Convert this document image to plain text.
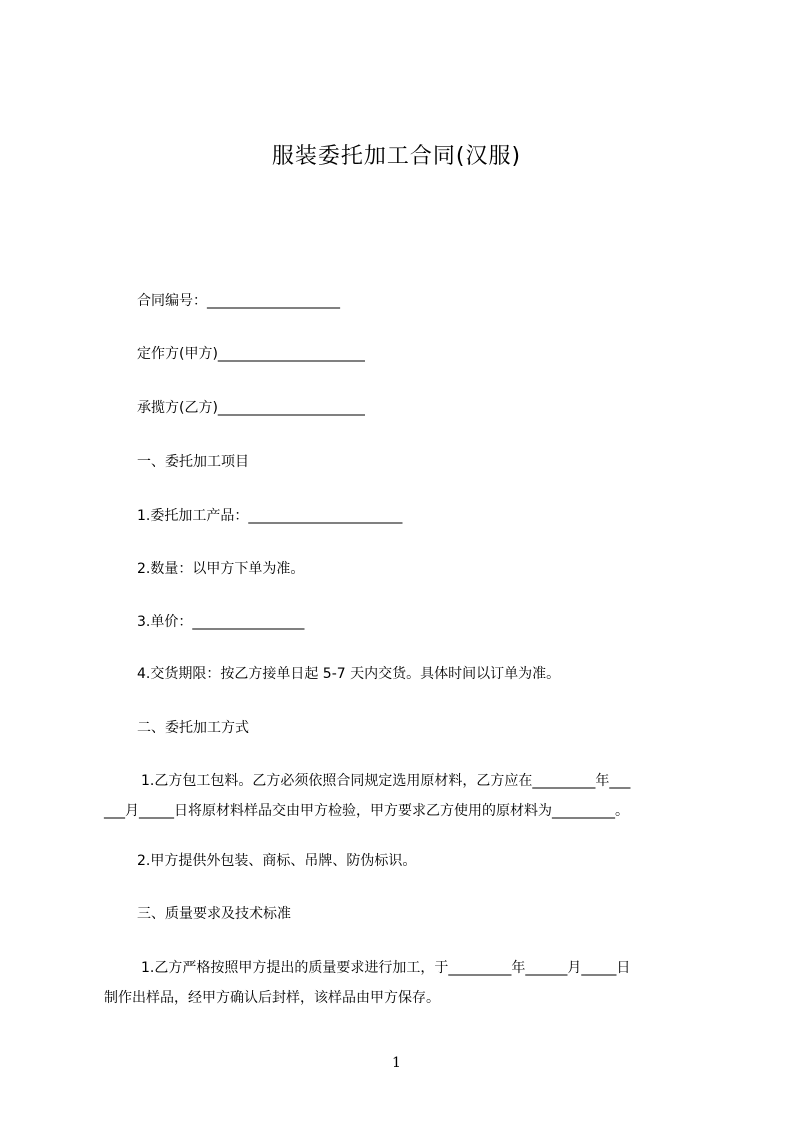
服装委托加工合同(汉服)
合同编号：___________________
定作方(甲方)_____________________
承揽方(乙方)_____________________
一、委托加工项目
1.委托加工产品：______________________
2.数量：以甲方下单为准。
3.单价：________________
4.交货期限：按乙方接单日起 5-7 天内交货。具体时间以订单为准。
二、委托加工方式
1.乙方包工包料。乙方必须依照合同规定选用原材料，乙方应在_________年___
___月_____日将原材料样品交由甲方检验，甲方要求乙方使用的原材料为_________。
2.甲方提供外包装、商标、吊牌、防伪标识。
三、质量要求及技术标准
1.乙方严格按照甲方提出的质量要求进行加工，于_________年______月_____日
制作出样品，经甲方确认后封样，该样品由甲方保存。
1
